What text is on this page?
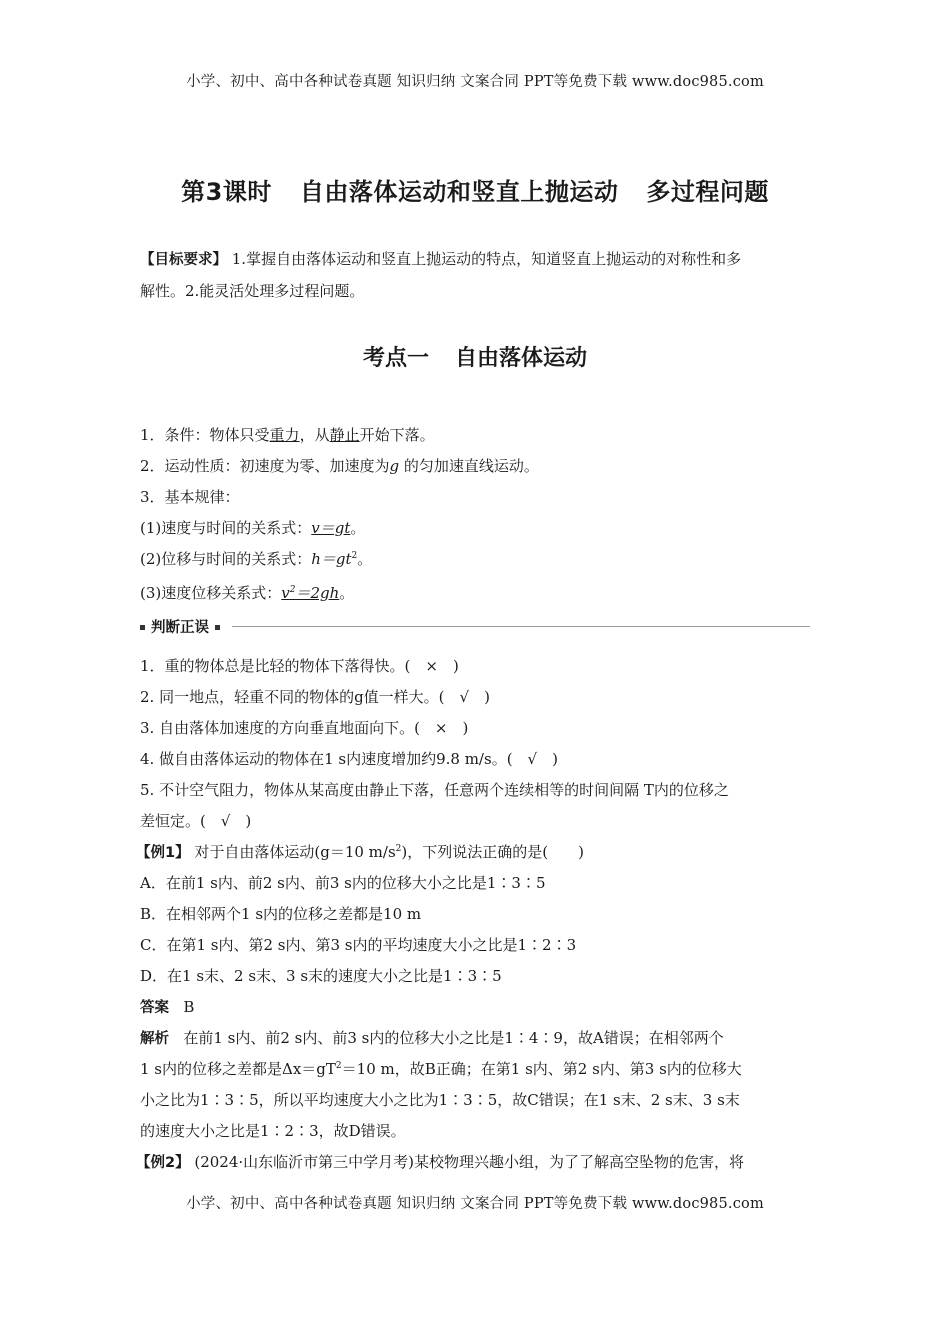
小学、初中、高中各种试卷真题 知识归纳 文案合同 PPT等免费下载 www.doc985.com
第3课时 自由落体运动和竖直上抛运动 多过程问题
【目标要求】 1.掌握自由落体运动和竖直上抛运动的特点，知道竖直上抛运动的对称性和多
解性。2.能灵活处理多过程问题。
考点一 自由落体运动
1．条件：物体只受重力，从静止开始下落。
2．运动性质：初速度为零、加速度为g 的匀加速直线运动。
3．基本规律：
(1)速度与时间的关系式：v＝gt。
(2)位移与时间的关系式：$h=gt^2$。
(3)速度位移关系式：$v^2=2gh$。
判断正误
1．重的物体总是比轻的物体下落得快。(　×　)
2. 同一地点，轻重不同的物体的g值一样大。(　√　)
3. 自由落体加速度的方向垂直地面向下。(　×　)
4. 做自由落体运动的物体在1 s内速度增加约9.8 m/s。(　√　)
5. 不计空气阻力，物体从某高度由静止下落，任意两个连续相等的时间间隔 T内的位移之
差恒定。(　√　)
【例1】 对于自由落体运动(g＝10 $m/s^2$)，下列说法正确的是(　　)
A．在前1 s内、前2 s内、前3 s内的位移大小之比是1∶3∶5
B．在相邻两个1 s内的位移之差都是10 m
C．在第1 s内、第2 s内、第3 s内的平均速度大小之比是1∶2∶3
D．在1 s末、2 s末、3 s末的速度大小之比是1∶3∶5
答案 B
解析 在前1 s内、前2 s内、前3 s内的位移大小之比是1∶4∶9，故A错误；在相邻两个
1 s内的位移之差都是$\Delta x=gT^2=10$ m，故B正确；在第1 s内、第2 s内、第3 s内的位移大
小之比为1∶3∶5，所以平均速度大小之比为1∶3∶5，故C错误；在1 s末、2 s末、3 s末
的速度大小之比是1∶2∶3，故D错误。
【例2】 (2024·山东临沂市第三中学月考)某校物理兴趣小组，为了了解高空坠物的危害，将
小学、初中、高中各种试卷真题 知识归纳 文案合同 PPT等免费下载 www.doc985.com
